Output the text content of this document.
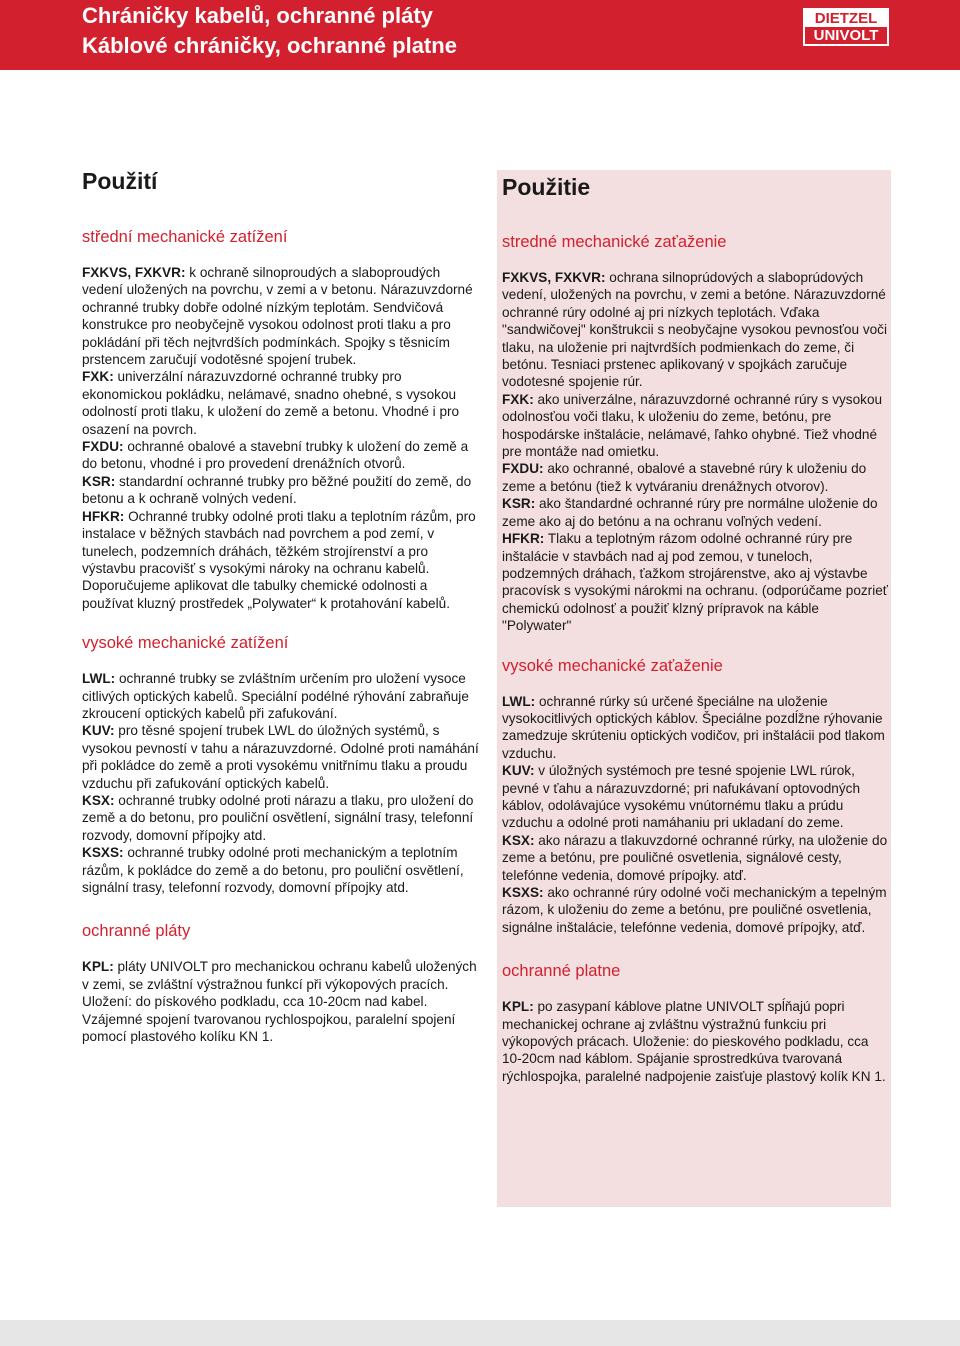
Chráničky kabelů, ochranné pláty
Káblové chráničky, ochranné platne
DIETZEL
UNIVOLT
Použití
střední mechanické zatížení

FXKVS, FXKVR: k ochraně silnoproudých a slaboproudých vedení uložených na povrchu, v zemi a v betonu. Nárazuvzdorné ochranné trubky dobře odolné nízkým teplotám. Sendvičová konstrukce pro neobyčejně vysokou odolnost proti tlaku a pro pokládání při těch nejtvrdších podmínkách. Spojky s těsnicím prstencem zaručují vodotěsné spojení trubek.

FXK: univerzální nárazuvzdorné ochranné trubky pro ekonomickou pokládku, nelámavé, snadno ohebné, s vysokou odolností proti tlaku, k uložení do země a betonu. Vhodné i pro osazení na povrch.

FXDU: ochranné obalové a stavební trubky k uložení do země a do betonu, vhodné i pro provedení drenážních otvorů.

KSR: standardní ochranné trubky pro běžné použití do země, do betonu a k ochraně volných vedení.

HFKR: Ochranné trubky odolné proti tlaku a teplotním rázům, pro instalace v běžných stavbách nad povrchem a pod zemí, v tunelech, podzemních dráhách, těžkém strojírenství a pro výstavbu pracovišť s vysokými nároky na ochranu kabelů. Doporučujeme aplikovat dle tabulky chemické odolnosti a používat kluzný prostředek „Polywater“ k protahování kabelů.

vysoké mechanické zatížení

LWL: ochranné trubky se zvláštním určením pro uložení vysoce citlivých optických kabelů. Speciální podélné rýhování zabraňuje zkroucení optických kabelů při zafukování.

KUV: pro těsné spojení trubek LWL do úložných systémů, s vysokou pevností v tahu a nárazuvzdorné. Odolné proti namáhání při pokládce do země a proti vysokému vnitřnímu tlaku a proudu vzduchu při zafukování optických kabelů.

KSX: ochranné trubky odolné proti nárazu a tlaku, pro uložení do země a do betonu, pro pouliční osvětlení, signální trasy, telefonní rozvody, domovní přípojky atd.

KSXS: ochranné trubky odolné proti mechanickým a teplotním rázům, k pokládce do země a do betonu, pro pouliční osvětlení, signální trasy, telefonní rozvody, domovní přípojky atd.

ochranné pláty

KPL: pláty UNIVOLT pro mechanickou ochranu kabelů uložených v zemi, se zvláštní výstražnou funkcí při výkopových pracích. Uložení: do pískového podkladu, cca 10-20cm nad kabel. Vzájemné spojení tvarovanou rychlospojkou, paralelní spojení pomocí plastového kolíku KN 1.

Použitie
stredné mechanické zaťaženie

FXKVS, FXKVR: ochrana silnoprúdových a slaboprúdových vedení, uložených na povrchu, v zemi a betóne. Nárazuvzdorné ochranné rúry odolné aj pri nízkych teplotách. Vďaka "sandwičovej" konštrukcii s neobyčajne vysokou pevnosťou voči tlaku, na uloženie pri najtvrdších podmienkach do zeme, či betónu. Tesniaci prstenec aplikovaný v spojkách zaručuje vodotesné spojenie rúr.

FXK: ako univerzálne, nárazuvzdorné ochranné rúry s vysokou odolnosťou voči tlaku, k uloženiu do zeme, betónu, pre hospodárske inštalácie, nelámavé, ľahko ohybné. Tiež vhodné pre montáže nad omietku.

FXDU: ako ochranné, obalové a stavebné rúry k uloženiu do zeme a betónu (tiež k vytváraniu drenážnych otvorov).

KSR: ako štandardné ochranné rúry pre normálne uloženie do zeme ako aj do betónu a na ochranu voľných vedení.

HFKR: Tlaku a teplotným rázom odolné ochranné rúry pre inštalácie v stavbách nad aj pod zemou, v tuneloch, podzemných dráhach, ťažkom strojárenstve, ako aj výstavbe pracovísk s vysokými nárokmi na ochranu. (odporúčame pozrieť chemickú odolnosť a použiť klzný prípravok na káble "Polywater"

vysoké mechanické zaťaženie

LWL: ochranné rúrky sú určené špeciálne na uloženie vysokocitlivých optických káblov. Špeciálne pozdĺžne rýhovanie zamedzuje skrúteniu optických vodičov, pri inštalácii pod tlakom vzduchu.

KUV: v úložných systémoch pre tesné spojenie LWL rúrok, pevné v ťahu a nárazuvzdorné; pri nafukávaní optovodných káblov, odolávajúce vysokému vnútornému tlaku a prúdu vzduchu a odolné proti namáhaniu pri ukladaní do zeme.

KSX: ako nárazu a tlakuvzdorné ochranné rúrky, na uloženie do zeme a betónu, pre pouličné osvetlenia, signálové cesty, telefónne vedenia, domové prípojky. atď.

KSXS: ako ochranné rúry odolné voči mechanickým a tepelným rázom, k uloženiu do zeme a betónu, pre pouličné osvetlenia, signálne inštalácie, telefónne vedenia, domové prípojky, atď.

ochranné platne

KPL: po zasypaní káblove platne UNIVOLT spĺňajú popri mechanickej ochrane aj zvláštnu výstražnú funkciu pri výkopových prácach. Uloženie: do pieskového podkladu, cca 10-20cm nad káblom. Spájanie sprostredkúva tvarovaná rýchlospojka, paralelné nadpojenie zaisťuje plastový kolík KN 1.
